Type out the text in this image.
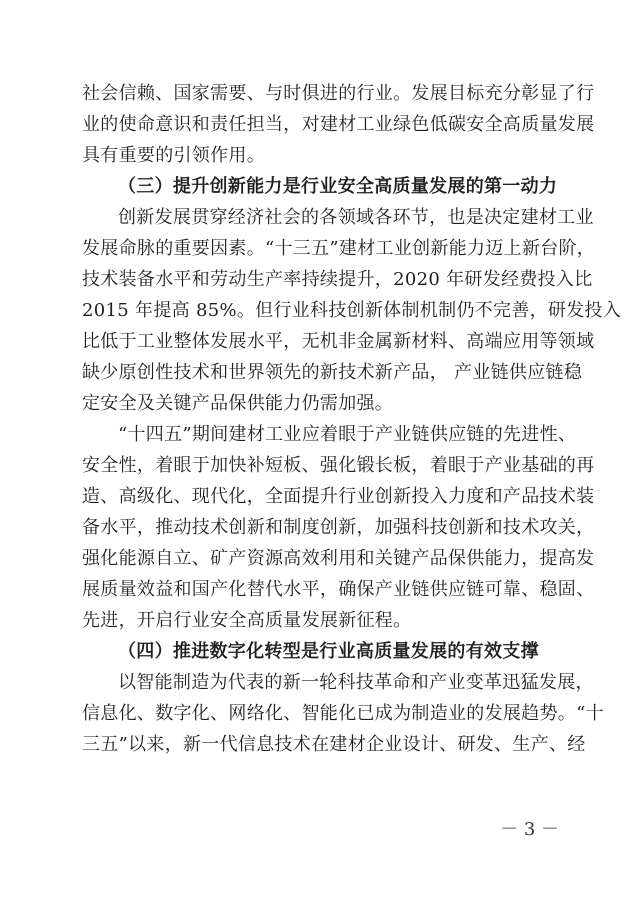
社会信赖、国家需要、与时俱进的行业。发展目标充分彰显了行
业的使命意识和责任担当，对建材工业绿色低碳安全高质量发展
具有重要的引领作用。
（三）提升创新能力是行业安全高质量发展的第一动力
创新发展贯穿经济社会的各领域各环节，也是决定建材工业
发展命脉的重要因素。“十三五”建材工业创新能力迈上新台阶，
技术装备水平和劳动生产率持续提升，2020 年研发经费投入比
2015 年提高 85%。但行业科技创新体制机制仍不完善，研发投入
比低于工业整体发展水平，无机非金属新材料、高端应用等领域
缺少原创性技术和世界领先的新技术新产品， 产业链供应链稳
定安全及关键产品保供能力仍需加强。
“十四五”期间建材工业应着眼于产业链供应链的先进性、
安全性，着眼于加快补短板、强化锻长板，着眼于产业基础的再
造、高级化、现代化，全面提升行业创新投入力度和产品技术装
备水平，推动技术创新和制度创新，加强科技创新和技术攻关，
强化能源自立、矿产资源高效利用和关键产品保供能力，提高发
展质量效益和国产化替代水平，确保产业链供应链可靠、稳固、
先进，开启行业安全高质量发展新征程。
（四）推进数字化转型是行业高质量发展的有效支撑
以智能制造为代表的新一轮科技革命和产业变革迅猛发展，
信息化、数字化、网络化、智能化已成为制造业的发展趋势。“十
三五”以来，新一代信息技术在建材企业设计、研发、生产、经
－ 3 －
